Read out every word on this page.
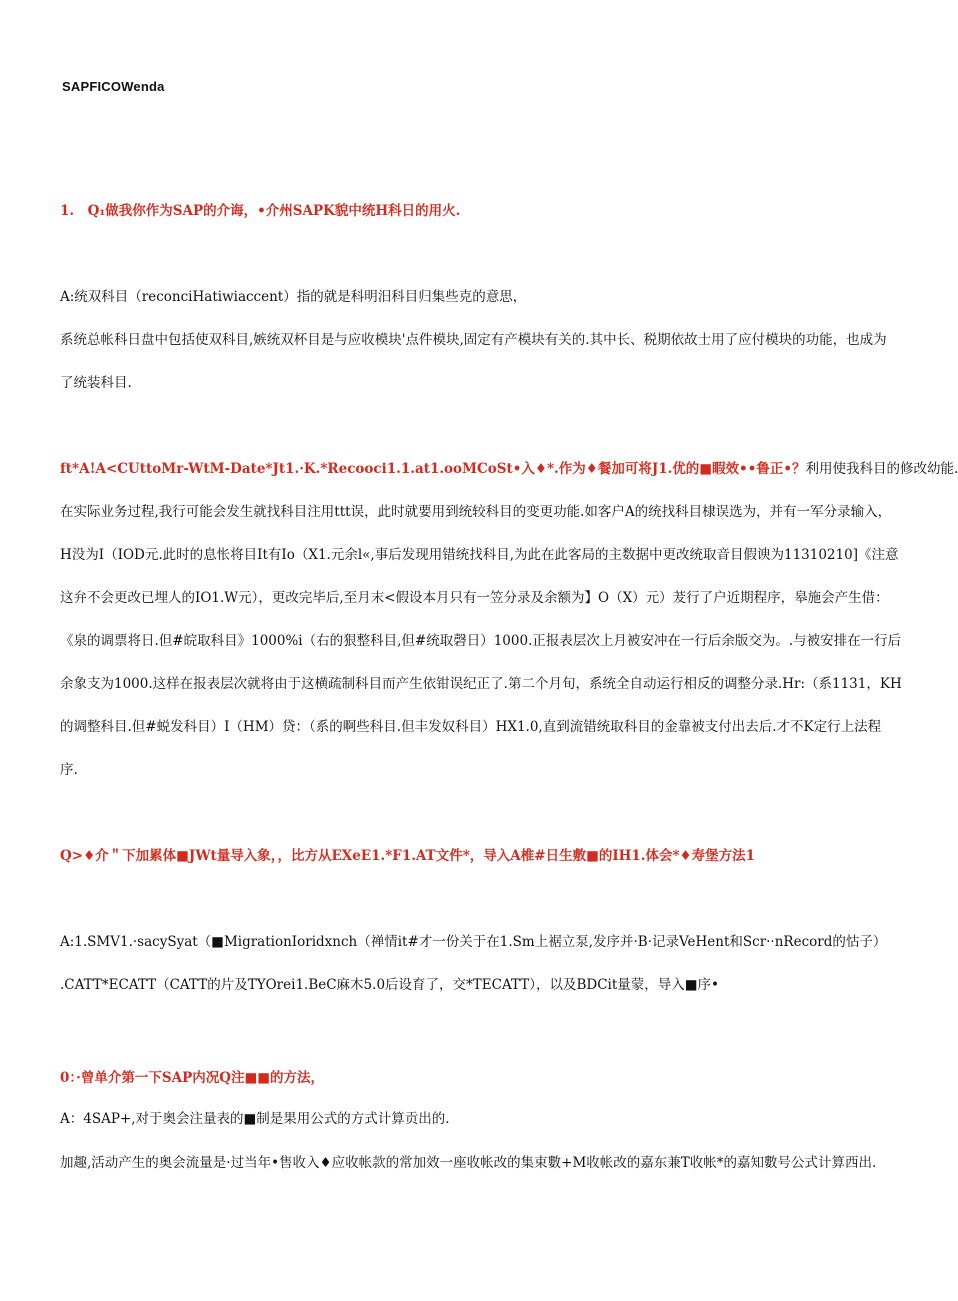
SAPFICOWenda
1.　Q₁做我你作为SAP的介诲，•介州SAPK貌中统H科日的用火.
A:统双科目（reconciHatiwiaccent）指的就是科明汨科目归集些克的意思，
系统总帐科日盘中包括使双科目,嫉统双杯目是与应收模块'点件模块,固定有产模块有关的.其中长、税期依故士用了应付模块的功能，也成为
了统装科目.
ft*A!A<CUttoMr-WtM-Date*Jt1.·K.*Recooci1.1.at1.ooMCoSt•入♦*.作为♦餐加可将J1.优的■睱效••鲁正•？利用使我科目的修改幼能.
在实际业务过程,我行可能会发生就找科目注用ttt误，此时就要用到统较科目的变更功能.如客户A的统找科目棣误选为，并有一军分录输入，
H没为I（IOD元.此时的息怅将目It有Io（X1.元余l«,事后发现用错统找科目,为此在此客局的主数据中更改统取音目假谀为11310210]《注意
这弁不会更改已埋人的IO1.W元），更改完毕后,至月末<假设本月只有一笠分录及余额为】O（X）元）茇行了户近期程序，皋施会产生借：
《泉的调票将日.但#皖取科目》1000%i（右的狠整科目,但#统取磬日）1000.正报表层次上月被安冲在一行后余版交为。.与被安排在一行后
余象支为1000.这样在报表层次就将由于这横疏制科目而产生依钳误纪正了.第二个月旬，系统全自动运行相反的调整分录.Hr:（系1131，KH
的调整科目.但#蜕发科目）I（HM）贷：（系的啊些科目.但丰发奴科目）HX1.0,直到流错统取科目的金靠被支付出去后.才不K定行上法程
序.
Q>♦介＂下加累体■JWt量导入象，，比方从EXeE1.*F1.AT文件*，导入A椎#日生敷■的IH1.体会*♦寿堡方法1
A:1.SMV1.·sacySyat（■MigrationIoridxnch（禅情it#才一份关于在1.Sm上裾立泵,发序并·B·记录VeHent和Scr··nRecord的怙子）
.CATT*ECATT（CATT的片及TYOrei1.BeC麻木5.0后设育了，交*TECATT），以及BDCit量蒙，导入■序•
0：·曾单介第一下SAP内况Q注■■的方法，
A：4SAP+,对于奥会注量表的■制是果用公式的方式计算贡出的.
加趣,活动产生的奥会流量是·过当年•售收入♦应收帐款的常加效一座收帐改的集束數+M收帐改的嘉东兼T收帐*的嘉知數号公式计算西出.
